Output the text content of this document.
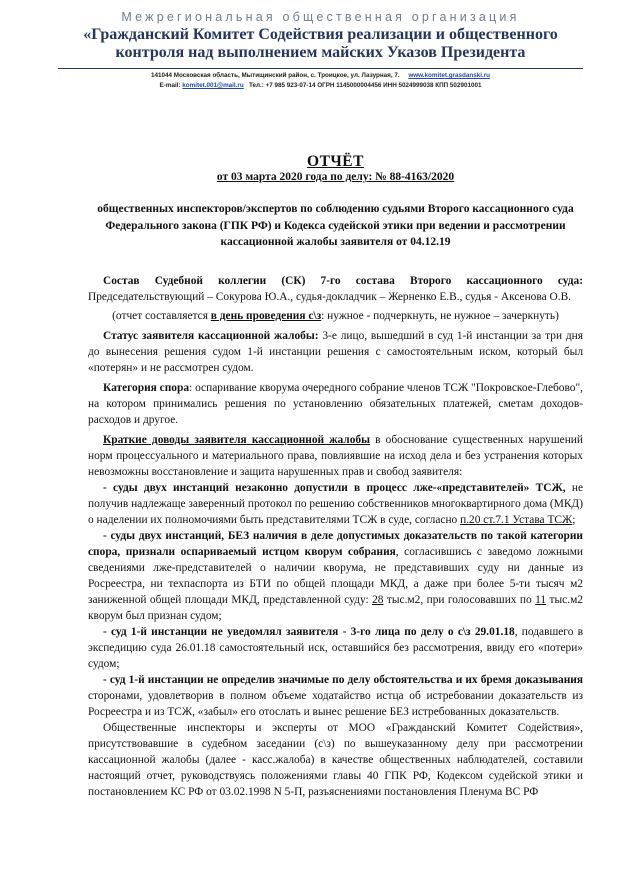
Межрегиональная общественная организация
«Гражданский Комитет Содействия реализации и общественного контроля над выполнением майских Указов Президента
141044 Московская область, Мытищинский район, с. Троицкое, ул. Лазурная, 7. www.komitet.grasdanski.ru
E-mail: komitet.001@mail.ru Тел.: +7 985 923-07-14 ОГРН 1145000004456 ИНН 5024999038 КПП 502901001
ОТЧЁТ
от 03 марта 2020 года по делу: № 88-4163/2020
общественных инспекторов/экспертов по соблюдению судьями Второго кассационного суда Федерального закона (ГПК РФ) и Кодекса судейской этики при ведении и рассмотрении кассационной жалобы заявителя от 04.12.19

Состав Судебной коллегии (СК) 7-го состава Второго кассационного суда: Председательствующий – Сокурова Ю.А., судья-докладчик – Жерненко Е.В., судья - Аксенова О.В.

(отчет составляется в день проведения с\з: нужное - подчеркнуть, не нужное – зачеркнуть)

Статус заявителя кассационной жалобы: 3-е лицо, вышедший в суд 1-й инстанции за три дня до вынесения решения судом 1-й инстанции решения с самостоятельным иском, который был «потерян» и не рассмотрен судом.

Категория спора: оспаривание кворума очередного собрание членов ТСЖ "Покровское-Глебово", на котором принимались решения по установлению обязательных платежей, сметам доходов-расходов и другое.

Краткие доводы заявителя кассационной жалобы в обоснование существенных нарушений норм процессуального и материального права, повлиявшие на исход дела и без устранения которых невозможны восстановление и защита нарушенных прав и свобод заявителя:

- суды двух инстанций незаконно допустили в процесс лже-«представителей» ТСЖ, не получив надлежаще заверенный протокол по решению собственников многоквартирного дома (МКД) о наделении их полномочиями быть представителями ТСЖ в суде, согласно п.20 ст.7.1 Устава ТСЖ;

- суды двух инстанций, БЕЗ наличия в деле допустимых доказательств по такой категории спора, признали оспариваемый истцом кворум собрания, согласившись с заведомо ложными сведениями лже-представителей о наличии кворума, не представивших суду ни данные из Росреестра, ни техпаспорта из БТИ по общей площади МКД, а даже при более 5-ти тысяч м2 заниженной общей площади МКД, представленной суду: 28 тыс.м2, при голосовавших по 11 тыс.м2 кворум был признан судом;

- суд 1-й инстанции не уведомлял заявителя - 3-го лица по делу о с\з 29.01.18, подавшего в экспедицию суда 26.01.18 самостоятельный иск, оставшийся без рассмотрения, ввиду его «потери» судом;

- суд 1-й инстанции не определив значимые по делу обстоятельства и их бремя доказывания сторонами, удовлетворив в полном объеме ходатайство истца об истребовании доказательств из Росреестра и из ТСЖ, «забыл» его отослать и вынес решение БЕЗ истребованных доказательств.

Общественные инспекторы и эксперты от МОО «Гражданский Комитет Содействия», присутствовавшие в судебном заседании (с\з) по вышеуказанному делу при рассмотрении кассационной жалобы (далее - касс.жалоба) в качестве общественных наблюдателей, составили настоящий отчет, руководствуясь положениями главы 40 ГПК РФ, Кодексом судейской этики и постановлением КС РФ от 03.02.1998 N 5-П, разъяснениями постановления Пленума ВС РФ
